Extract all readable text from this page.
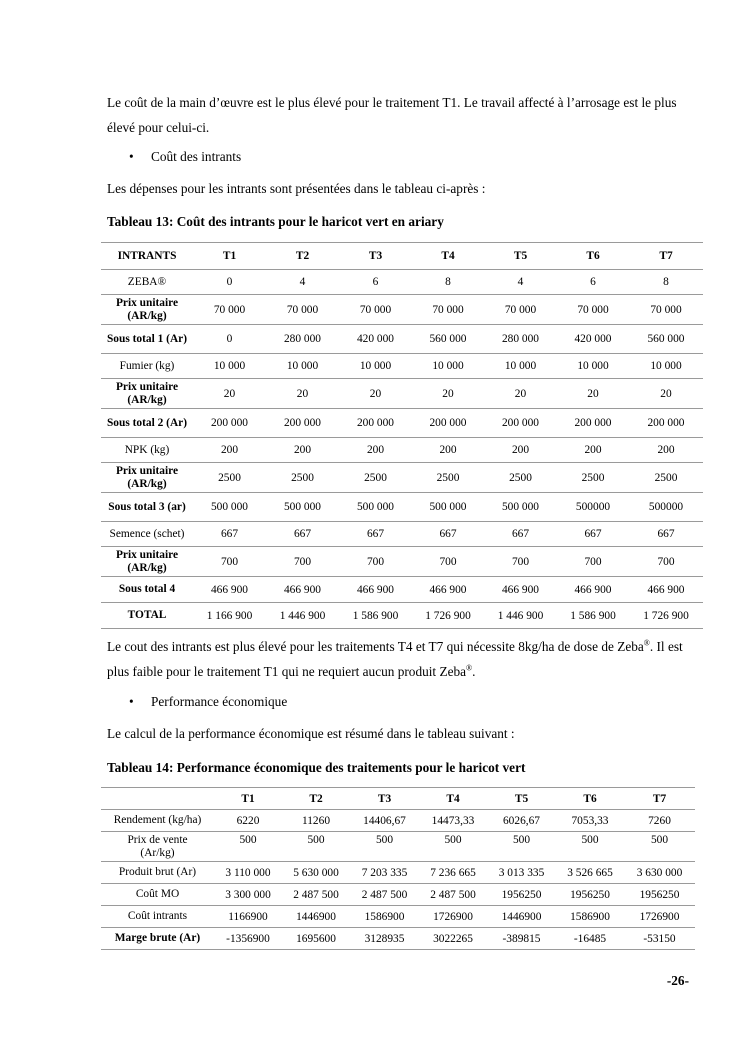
Le coût de la main d’œuvre est le plus élevé pour le traitement T1. Le travail affecté à l’arrosage est le plus élevé pour celui-ci.

• Coût des intrants

Les dépenses pour les intrants sont présentées dans le tableau ci-après :

Tableau 13: Coût des intrants pour le haricot vert en ariary
INTRANTS	T1	T2	T3	T4	T5	T6	T7
ZEBA®	0	4	6	8	4	6	8
Prix unitaire (AR/kg)	70 000	70 000	70 000	70 000	70 000	70 000	70 000
Sous total 1 (Ar)	0	280 000	420 000	560 000	280 000	420 000	560 000
Fumier (kg)	10 000	10 000	10 000	10 000	10 000	10 000	10 000
Prix unitaire (AR/kg)	20	20	20	20	20	20	20
Sous total 2 (Ar)	200 000	200 000	200 000	200 000	200 000	200 000	200 000
NPK (kg)	200	200	200	200	200	200	200
Prix unitaire (AR/kg)	2500	2500	2500	2500	2500	2500	2500
Sous total 3 (ar)	500 000	500 000	500 000	500 000	500 000	500000	500000
Semence (schet)	667	667	667	667	667	667	667
Prix unitaire (AR/kg)	700	700	700	700	700	700	700
Sous total 4	466 900	466 900	466 900	466 900	466 900	466 900	466 900
TOTAL	1 166 900	1 446 900	1 586 900	1 726 900	1 446 900	1 586 900	1 726 900

Le cout des intrants est plus élevé pour les traitements T4 et T7 qui nécessite 8kg/ha de dose de Zeba®. Il est plus faible pour le traitement T1 qui ne requiert aucun produit Zeba®.

• Performance économique

Le calcul de la performance économique est résumé dans le tableau suivant :

Tableau 14: Performance économique des traitements pour le haricot vert
	T1	T2	T3	T4	T5	T6	T7
Rendement (kg/ha)	6220	11260	14406,67	14473,33	6026,67	7053,33	7260
Prix de vente (Ar/kg)	500	500	500	500	500	500	500
Produit brut (Ar)	3 110 000	5 630 000	7 203 335	7 236 665	3 013 335	3 526 665	3 630 000
Coût MO	3 300 000	2 487 500	2 487 500	2 487 500	1956250	1956250	1956250
Coût intrants	1166900	1446900	1586900	1726900	1446900	1586900	1726900
Marge brute (Ar)	-1356900	1695600	3128935	3022265	-389815	-16485	-53150
-26-
